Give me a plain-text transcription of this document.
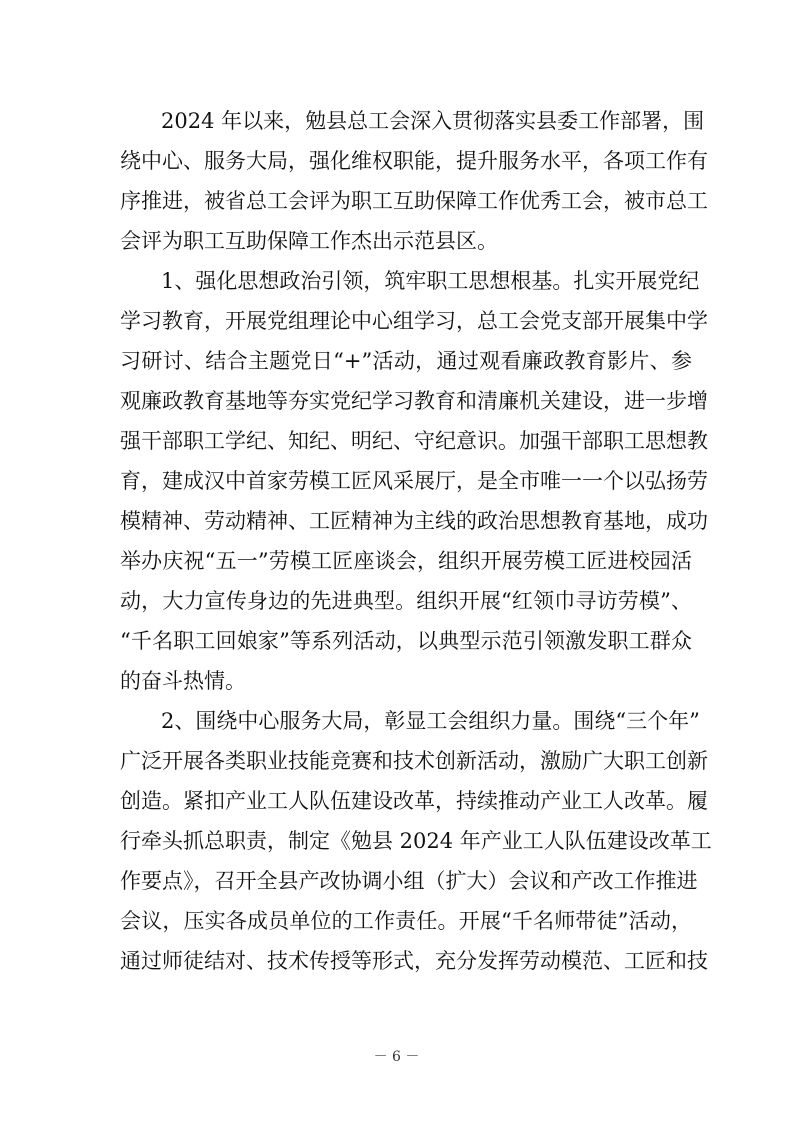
2024 年以来，勉县总工会深入贯彻落实县委工作部署，围
绕中心、服务大局，强化维权职能，提升服务水平，各项工作有
序推进，被省总工会评为职工互助保障工作优秀工会，被市总工
会评为职工互助保障工作杰出示范县区。
1、强化思想政治引领，筑牢职工思想根基。扎实开展党纪
学习教育，开展党组理论中心组学习，总工会党支部开展集中学
习研讨、结合主题党日“+”活动，通过观看廉政教育影片、参
观廉政教育基地等夯实党纪学习教育和清廉机关建设，进一步增
强干部职工学纪、知纪、明纪、守纪意识。加强干部职工思想教
育，建成汉中首家劳模工匠风采展厅，是全市唯一一个以弘扬劳
模精神、劳动精神、工匠精神为主线的政治思想教育基地，成功
举办庆祝“五一”劳模工匠座谈会，组织开展劳模工匠进校园活
动，大力宣传身边的先进典型。组织开展“红领巾寻访劳模”、
“千名职工回娘家”等系列活动，以典型示范引领激发职工群众
的奋斗热情。
2、围绕中心服务大局，彰显工会组织力量。围绕“三个年”
广泛开展各类职业技能竞赛和技术创新活动，激励广大职工创新
创造。紧扣产业工人队伍建设改革，持续推动产业工人改革。履
行牵头抓总职责，制定《勉县 2024 年产业工人队伍建设改革工
作要点》，召开全县产改协调小组（扩大）会议和产改工作推进
会议，压实各成员单位的工作责任。开展“千名师带徒”活动，
通过师徒结对、技术传授等形式，充分发挥劳动模范、工匠和技
－ 6 －
